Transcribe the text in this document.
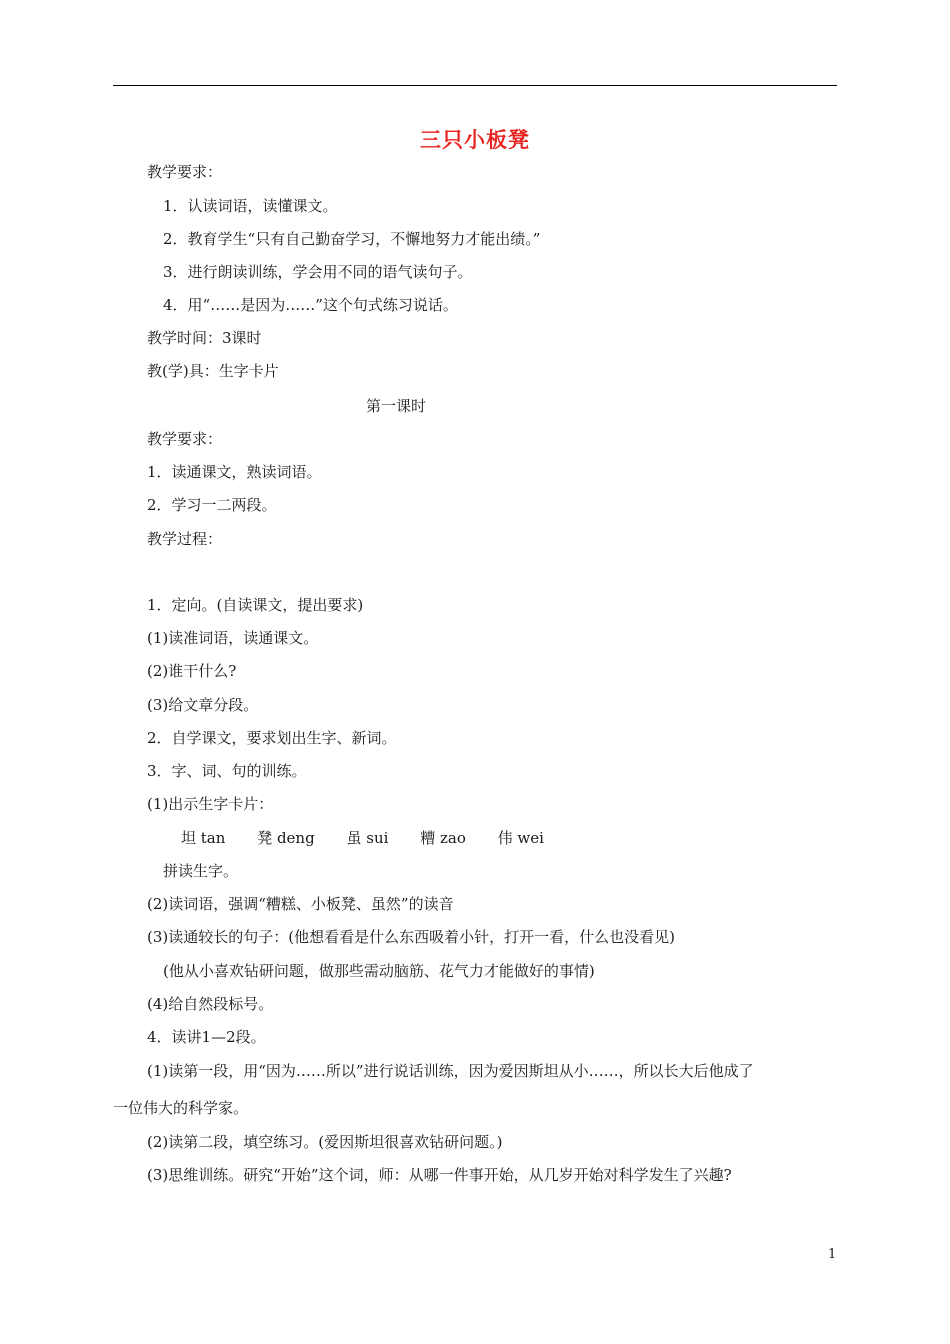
三只小板凳
教学要求：
1．认读词语，读懂课文。
2．教育学生“只有自己勤奋学习，不懈地努力才能出绩。”
3．进行朗读训练，学会用不同的语气读句子。
4．用“……是因为……”这个句式练习说话。
教学时间：3课时
教(学)具：生字卡片
第一课时
教学要求：
1．读通课文，熟读词语。
2．学习一二两段。
教学过程：
1．定向。(自读课文，提出要求)
(1)读准词语，读通课文。
(2)谁干什么?
(3)给文章分段。
2．自学课文，要求划出生字、新词。
3．字、词、句的训练。
(1)出示生字卡片：
坦 tan 凳 deng 虽 sui 糟 zao 伟 wei
拼读生字。
(2)读词语，强调“糟糕、小板凳、虽然”的读音
(3)读通较长的句子：(他想看看是什么东西吸着小针，打开一看，什么也没看见)
(他从小喜欢钻研问题，做那些需动脑筋、花气力才能做好的事情)
(4)给自然段标号。
4．读讲1—2段。
(1)读第一段，用“因为……所以”进行说话训练，因为爱因斯坦从小……，所以长大后他成了
一位伟大的科学家。
(2)读第二段，填空练习。(爱因斯坦很喜欢钻研问题。)
(3)思维训练。研究“开始”这个词，师：从哪一件事开始，从几岁开始对科学发生了兴趣?
1
